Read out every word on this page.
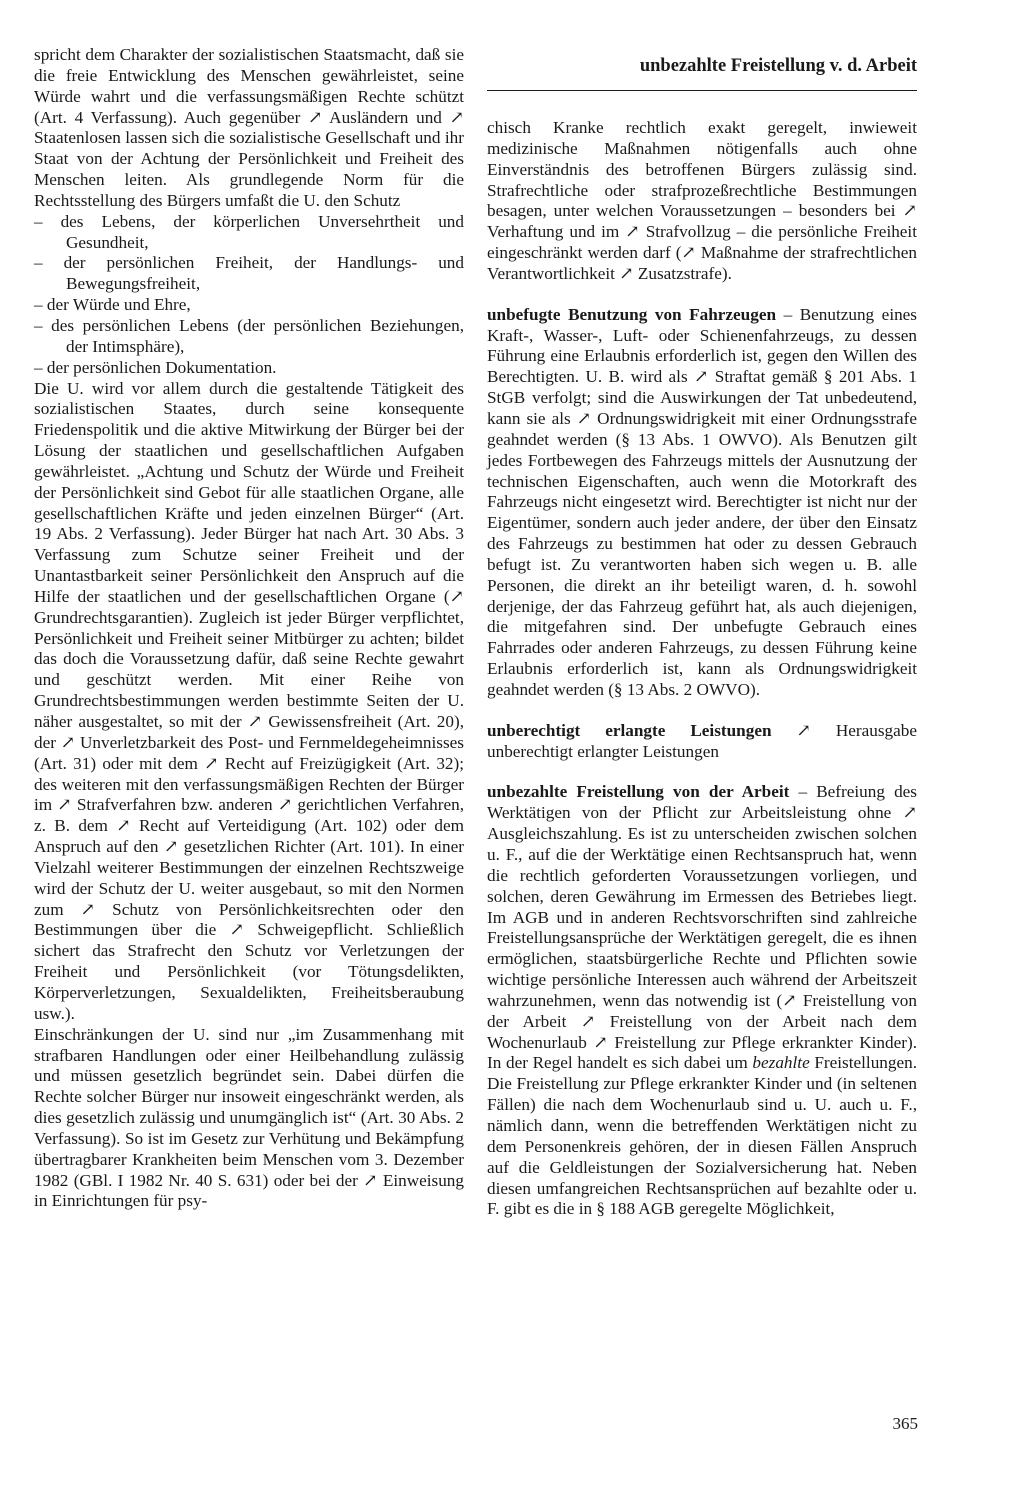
unbezahlte Freistellung v. d. Arbeit

spricht dem Charakter der sozialistischen Staatsmacht, daß sie die freie Entwicklung des Menschen gewährleistet, seine Würde wahrt und die verfassungsmäßigen Rechte schützt (Art. 4 Verfassung). Auch gegenüber ↗ Ausländern und ↗ Staatenlosen lassen sich die sozialistische Gesellschaft und ihr Staat von der Achtung der Persönlichkeit und Freiheit des Menschen leiten. Als grundlegende Norm für die Rechtsstellung des Bürgers umfaßt die U. den Schutz

– des Lebens, der körperlichen Unversehrtheit und Gesundheit,

– der persönlichen Freiheit, der Handlungs- und Bewegungsfreiheit,

– der Würde und Ehre,

– des persönlichen Lebens (der persönlichen Beziehungen, der Intimsphäre),

– der persönlichen Dokumentation.

Die U. wird vor allem durch die gestaltende Tätigkeit des sozialistischen Staates, durch seine konsequente Friedenspolitik und die aktive Mitwirkung der Bürger bei der Lösung der staatlichen und gesellschaftlichen Aufgaben gewährleistet. „Achtung und Schutz der Würde und Freiheit der Persönlichkeit sind Gebot für alle staatlichen Organe, alle gesellschaftlichen Kräfte und jeden einzelnen Bürger“ (Art. 19 Abs. 2 Verfassung). Jeder Bürger hat nach Art. 30 Abs. 3 Verfassung zum Schutze seiner Freiheit und der Unantastbarkeit seiner Persönlichkeit den Anspruch auf die Hilfe der staatlichen und der gesellschaftlichen Organe (↗ Grundrechtsgarantien). Zugleich ist jeder Bürger verpflichtet, Persönlichkeit und Freiheit seiner Mitbürger zu achten; bildet das doch die Voraussetzung dafür, daß seine Rechte gewahrt und geschützt werden. Mit einer Reihe von Grundrechtsbestimmungen werden bestimmte Seiten der U. näher ausgestaltet, so mit der ↗ Gewissensfreiheit (Art. 20), der ↗ Unverletzbarkeit des Post- und Fernmeldegeheimnisses (Art. 31) oder mit dem ↗ Recht auf Freizügigkeit (Art. 32); des weiteren mit den verfassungsmäßigen Rechten der Bürger im ↗ Strafverfahren bzw. anderen ↗ gerichtlichen Verfahren, z. B. dem ↗ Recht auf Verteidigung (Art. 102) oder dem Anspruch auf den ↗ gesetzlichen Richter (Art. 101). In einer Vielzahl weiterer Bestimmungen der einzelnen Rechtszweige wird der Schutz der U. weiter ausgebaut, so mit den Normen zum ↗ Schutz von Persönlichkeitsrechten oder den Bestimmungen über die ↗ Schweigepflicht. Schließlich sichert das Strafrecht den Schutz vor Verletzungen der Freiheit und Persönlichkeit (vor Tötungsdelikten, Körperverletzungen, Sexualdelikten, Freiheitsberaubung usw.).

Einschränkungen der U. sind nur „im Zusammenhang mit strafbaren Handlungen oder einer Heilbehandlung zulässig und müssen gesetzlich begründet sein. Dabei dürfen die Rechte solcher Bürger nur insoweit eingeschränkt werden, als dies gesetzlich zulässig und unumgänglich ist“ (Art. 30 Abs. 2 Verfassung). So ist im Gesetz zur Verhütung und Bekämpfung übertragbarer Krankheiten beim Menschen vom 3. Dezember 1982 (GBl. I 1982 Nr. 40 S. 631) oder bei der ↗ Einweisung in Einrichtungen für psy-

chisch Kranke rechtlich exakt geregelt, inwieweit medizinische Maßnahmen nötigenfalls auch ohne Einverständnis des betroffenen Bürgers zulässig sind. Strafrechtliche oder strafprozeßrechtliche Bestimmungen besagen, unter welchen Voraussetzungen – besonders bei ↗ Verhaftung und im ↗ Strafvollzug – die persönliche Freiheit eingeschränkt werden darf (↗ Maßnahme der strafrechtlichen Verantwortlichkeit ↗ Zusatzstrafe).

unbefugte Benutzung von Fahrzeugen – Benutzung eines Kraft-, Wasser-, Luft- oder Schienenfahrzeugs, zu dessen Führung eine Erlaubnis erforderlich ist, gegen den Willen des Berechtigten. U. B. wird als ↗ Straftat gemäß § 201 Abs. 1 StGB verfolgt; sind die Auswirkungen der Tat unbedeutend, kann sie als ↗ Ordnungswidrigkeit mit einer Ordnungsstrafe geahndet werden (§ 13 Abs. 1 OWVO). Als Benutzen gilt jedes Fortbewegen des Fahrzeugs mittels der Ausnutzung der technischen Eigenschaften, auch wenn die Motorkraft des Fahrzeugs nicht eingesetzt wird. Berechtigter ist nicht nur der Eigentümer, sondern auch jeder andere, der über den Einsatz des Fahrzeugs zu bestimmen hat oder zu dessen Gebrauch befugt ist. Zu verantworten haben sich wegen u. B. alle Personen, die direkt an ihr beteiligt waren, d. h. sowohl derjenige, der das Fahrzeug geführt hat, als auch diejenigen, die mitgefahren sind. Der unbefugte Gebrauch eines Fahrrades oder anderen Fahrzeugs, zu dessen Führung keine Erlaubnis erforderlich ist, kann als Ordnungswidrigkeit geahndet werden (§ 13 Abs. 2 OWVO).

unberechtigt erlangte Leistungen ↗ Herausgabe unberechtigt erlangter Leistungen

unbezahlte Freistellung von der Arbeit – Befreiung des Werktätigen von der Pflicht zur Arbeitsleistung ohne ↗ Ausgleichszahlung. Es ist zu unterscheiden zwischen solchen u. F., auf die der Werktätige einen Rechtsanspruch hat, wenn die rechtlich geforderten Voraussetzungen vorliegen, und solchen, deren Gewährung im Ermessen des Betriebes liegt. Im AGB und in anderen Rechtsvorschriften sind zahlreiche Freistellungsansprüche der Werktätigen geregelt, die es ihnen ermöglichen, staatsbürgerliche Rechte und Pflichten sowie wichtige persönliche Interessen auch während der Arbeitszeit wahrzunehmen, wenn das notwendig ist (↗ Freistellung von der Arbeit ↗ Freistellung von der Arbeit nach dem Wochenurlaub ↗ Freistellung zur Pflege erkrankter Kinder). In der Regel handelt es sich dabei um bezahlte Freistellungen. Die Freistellung zur Pflege erkrankter Kinder und (in seltenen Fällen) die nach dem Wochenurlaub sind u. U. auch u. F., nämlich dann, wenn die betreffenden Werktätigen nicht zu dem Personenkreis gehören, der in diesen Fällen Anspruch auf die Geldleistungen der Sozialversicherung hat. Neben diesen umfangreichen Rechtsansprüchen auf bezahlte oder u. F. gibt es die in § 188 AGB geregelte Möglichkeit,

365
